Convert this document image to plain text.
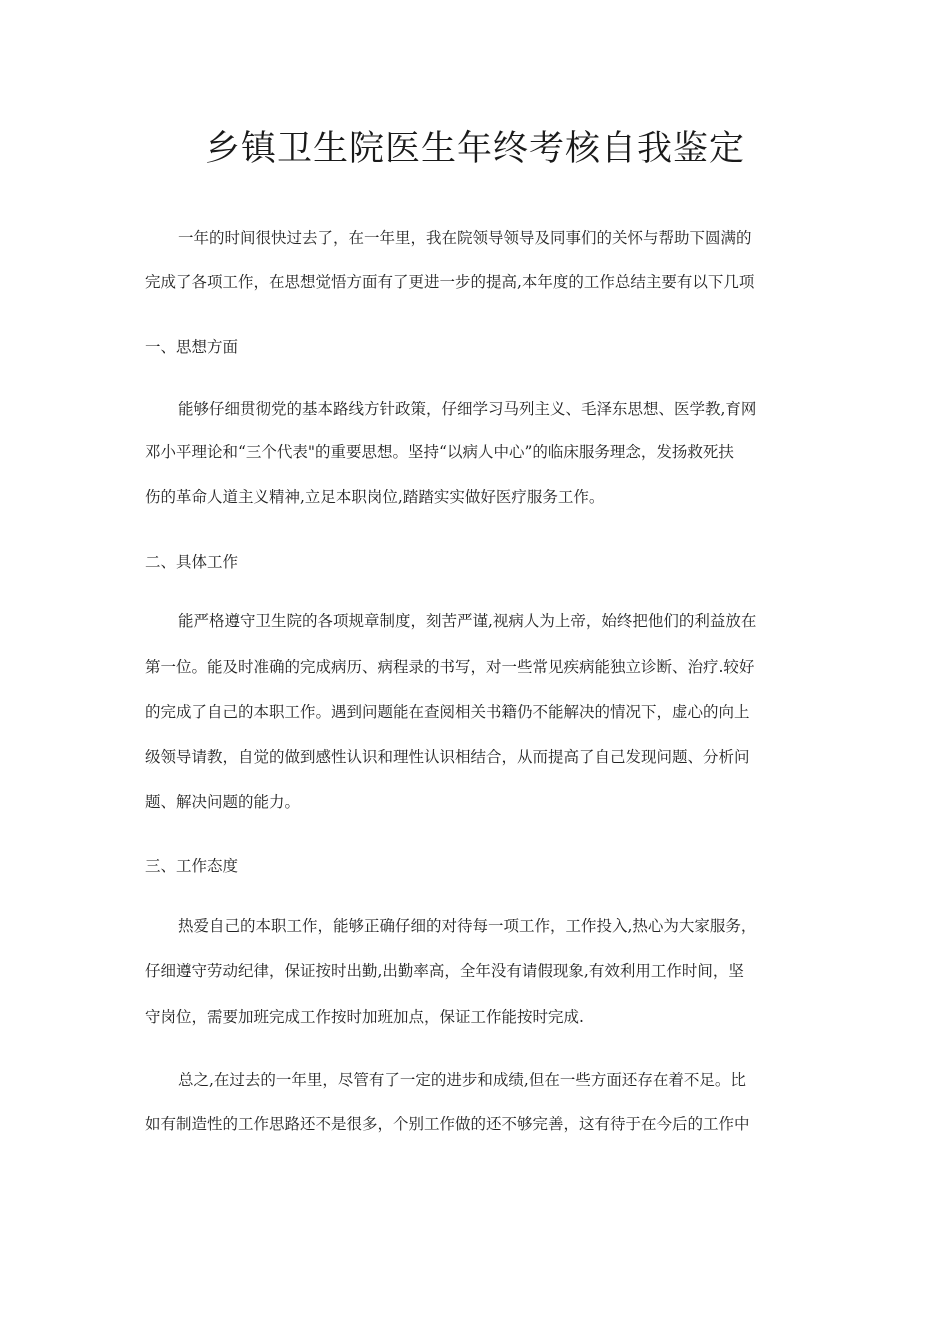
乡镇卫生院医生年终考核自我鉴定

一年的时间很快过去了，在一年里，我在院领导领导及同事们的关怀与帮助下圆满的

完成了各项工作，在思想觉悟方面有了更进一步的提高,本年度的工作总结主要有以下几项

一、思想方面

能够仔细贯彻党的基本路线方针政策，仔细学习马列主义、毛泽东思想、医学教,育网

邓小平理论和“三个代表"的重要思想。坚持“以病人中心”的临床服务理念，发扬救死扶

伤的革命人道主义精神,立足本职岗位,踏踏实实做好医疗服务工作。

二、具体工作

能严格遵守卫生院的各项规章制度，刻苦严谨,视病人为上帝，始终把他们的利益放在

第一位。能及时准确的完成病历、病程录的书写，对一些常见疾病能独立诊断、治疗.较好

的完成了自己的本职工作。遇到问题能在查阅相关书籍仍不能解决的情况下，虚心的向上

级领导请教，自觉的做到感性认识和理性认识相结合，从而提高了自己发现问题、分析问

题、解决问题的能力。

三、工作态度

热爱自己的本职工作，能够正确仔细的对待每一项工作，工作投入,热心为大家服务，

仔细遵守劳动纪律，保证按时出勤,出勤率高，全年没有请假现象,有效利用工作时间，坚

守岗位，需要加班完成工作按时加班加点，保证工作能按时完成.

总之,在过去的一年里，尽管有了一定的进步和成绩,但在一些方面还存在着不足。比

如有制造性的工作思路还不是很多，个别工作做的还不够完善，这有待于在今后的工作中
